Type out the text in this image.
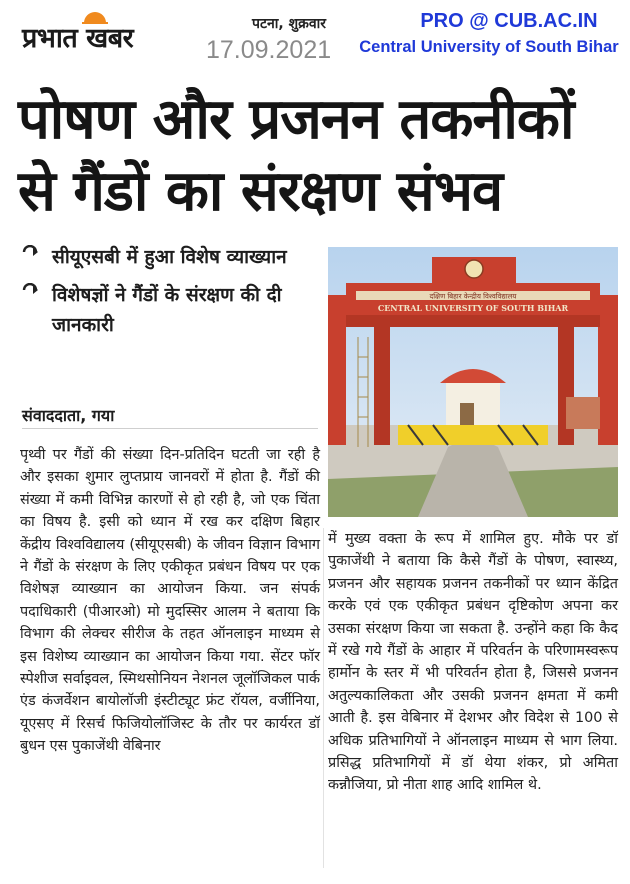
प्रभात खबर	पटना, शुक्रवार
17.09.2021
PRO @ CUB.AC.IN
Central University of South Bihar
पोषण और प्रजनन तकनीकों
से गैंडों का संरक्षण संभव
सीयूएसबी में हुआ विशेष व्याख्यान
विशेषज्ञों ने गैंडों के संरक्षण की दी जानकारी
संवाददाता, गया
दक्षिण बिहार केन्द्रीय विश्वविद्यालय
CENTRAL UNIVERSITY OF SOUTH BIHAR
पृथ्वी पर गैंडों की संख्या दिन-प्रतिदिन घटती जा रही है और इसका शुमार लुप्तप्राय जानवरों में होता है. गैंडों की संख्या में कमी विभिन्न कारणों से हो रही है, जो एक चिंता का विषय है. इसी को ध्यान में रख कर दक्षिण बिहार केंद्रीय विश्वविद्यालय (सीयूएसबी) के जीवन विज्ञान विभाग ने गैंडों के संरक्षण के लिए एकीकृत प्रबंधन विषय पर एक विशेषज्ञ व्याख्यान का आयोजन किया. जन संपर्क पदाधिकारी (पीआरओ) मो मुदस्सिर आलम ने बताया कि विभाग की लेक्चर सीरीज के तहत ऑनलाइन माध्यम से इस विशेष्य व्याख्यान का आयोजन किया गया. सेंटर फॉर स्पेशीज सर्वाइवल, स्मिथसोनियन नेशनल जूलॉजिकल पार्क एंड कंजर्वेशन बायोलॉजी इंस्टीट्यूट फ्रंट रॉयल, वर्जीनिया, यूएसए में रिसर्च फिजियोलॉजिस्ट के तौर पर कार्यरत डॉ बुधन एस पुकाजेंथी वेबिनार
में मुख्य वक्ता के रूप में शामिल हुए. मौके पर डॉ पुकाजेंथी ने बताया कि कैसे गैंडों के पोषण, स्वास्थ्य, प्रजनन और सहायक प्रजनन तकनीकों पर ध्यान केंद्रित करके एवं एक एकीकृत प्रबंधन दृष्टिकोण अपना कर उसका संरक्षण किया जा सकता है. उन्होंने कहा कि कैद में रखे गये गैंडों के आहार में परिवर्तन के परिणामस्वरूप हार्मोन के स्तर में भी परिवर्तन होता है, जिससे प्रजनन अतुल्यकालिकता और उसकी प्रजनन क्षमता में कमी आती है. इस वेबिनार में देशभर और विदेश से 100 से अधिक प्रतिभागियों ने ऑनलाइन माध्यम से भाग लिया. प्रसिद्ध प्रतिभागियों में डॉ थेया शंकर, प्रो अमिता कन्नौजिया, प्रो नीता शाह आदि शामिल थे.
